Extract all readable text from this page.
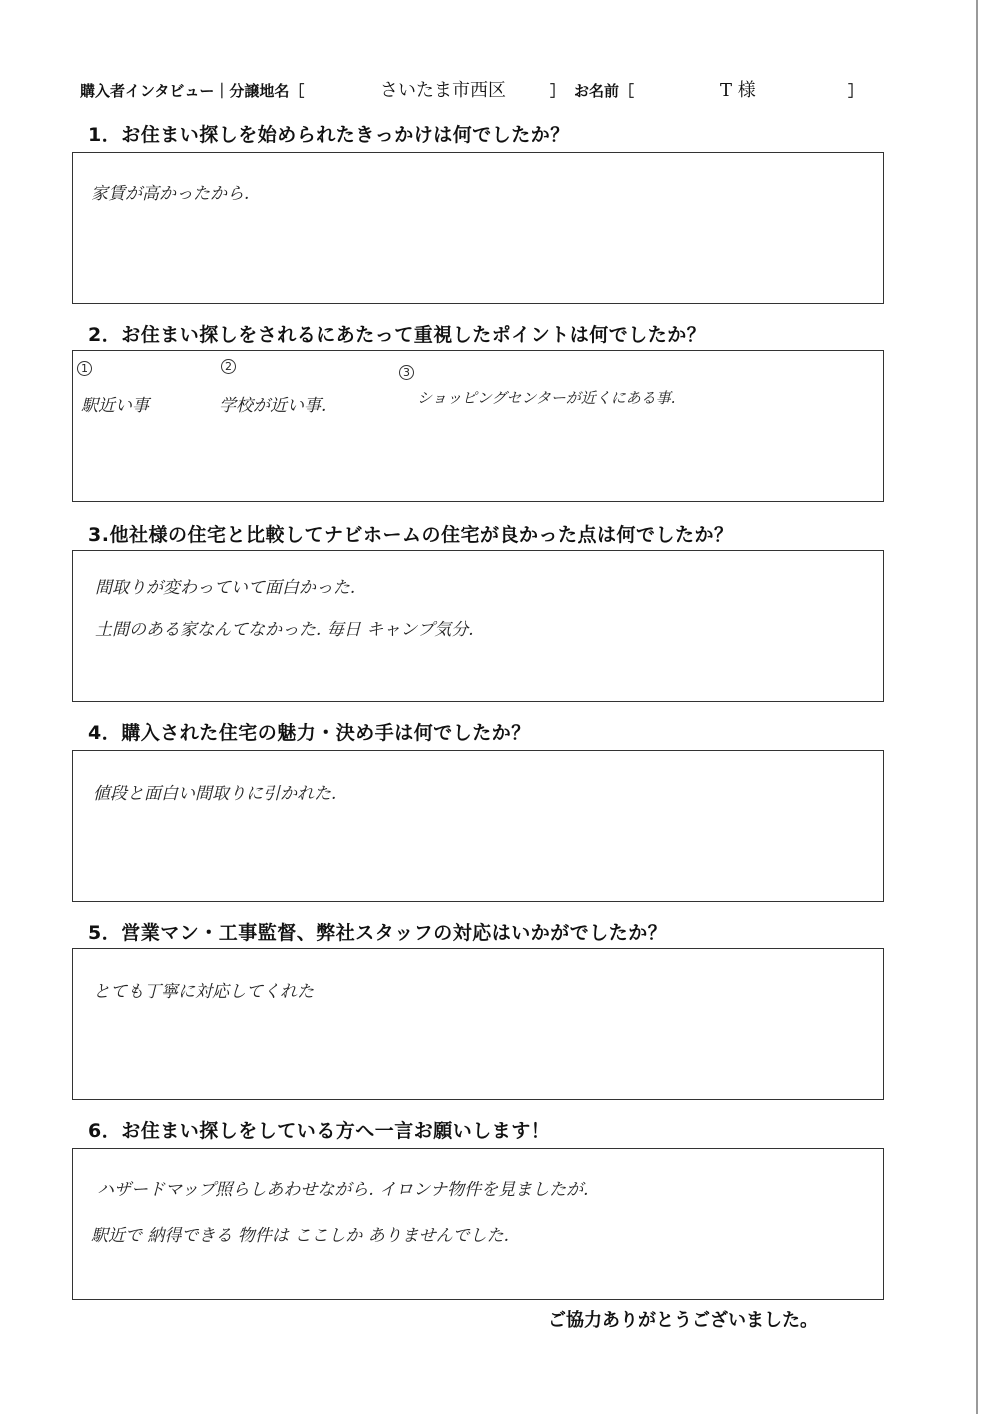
購入者インタビュー｜分譲地名［	さいたま市西区	］ お名前［	T 様	］
1．お住まい探しを始められたきっかけは何でしたか？
家賃が高かったから.
2．お住まい探しをされるにあたって重視したポイントは何でしたか？
1
駅近い事
2
学校が近い事.
3
ショッピングセンターが近くにある事.
3.他社様の住宅と比較してナビホームの住宅が良かった点は何でしたか？
間取りが変わっていて面白かった.
土間のある家なんてなかった. 毎日 キャンプ気分.
4．購入された住宅の魅力・決め手は何でしたか？
値段と面白い間取りに引かれた.
5．営業マン・工事監督、弊社スタッフの対応はいかがでしたか？
とても丁寧に対応してくれた
6．お住まい探しをしている方へ一言お願いします！
ハザードマップ照らしあわせながら. イロンナ物件を見ましたが.
駅近で 納得できる 物件は ここしか ありませんでした.
ご協力ありがとうございました。
